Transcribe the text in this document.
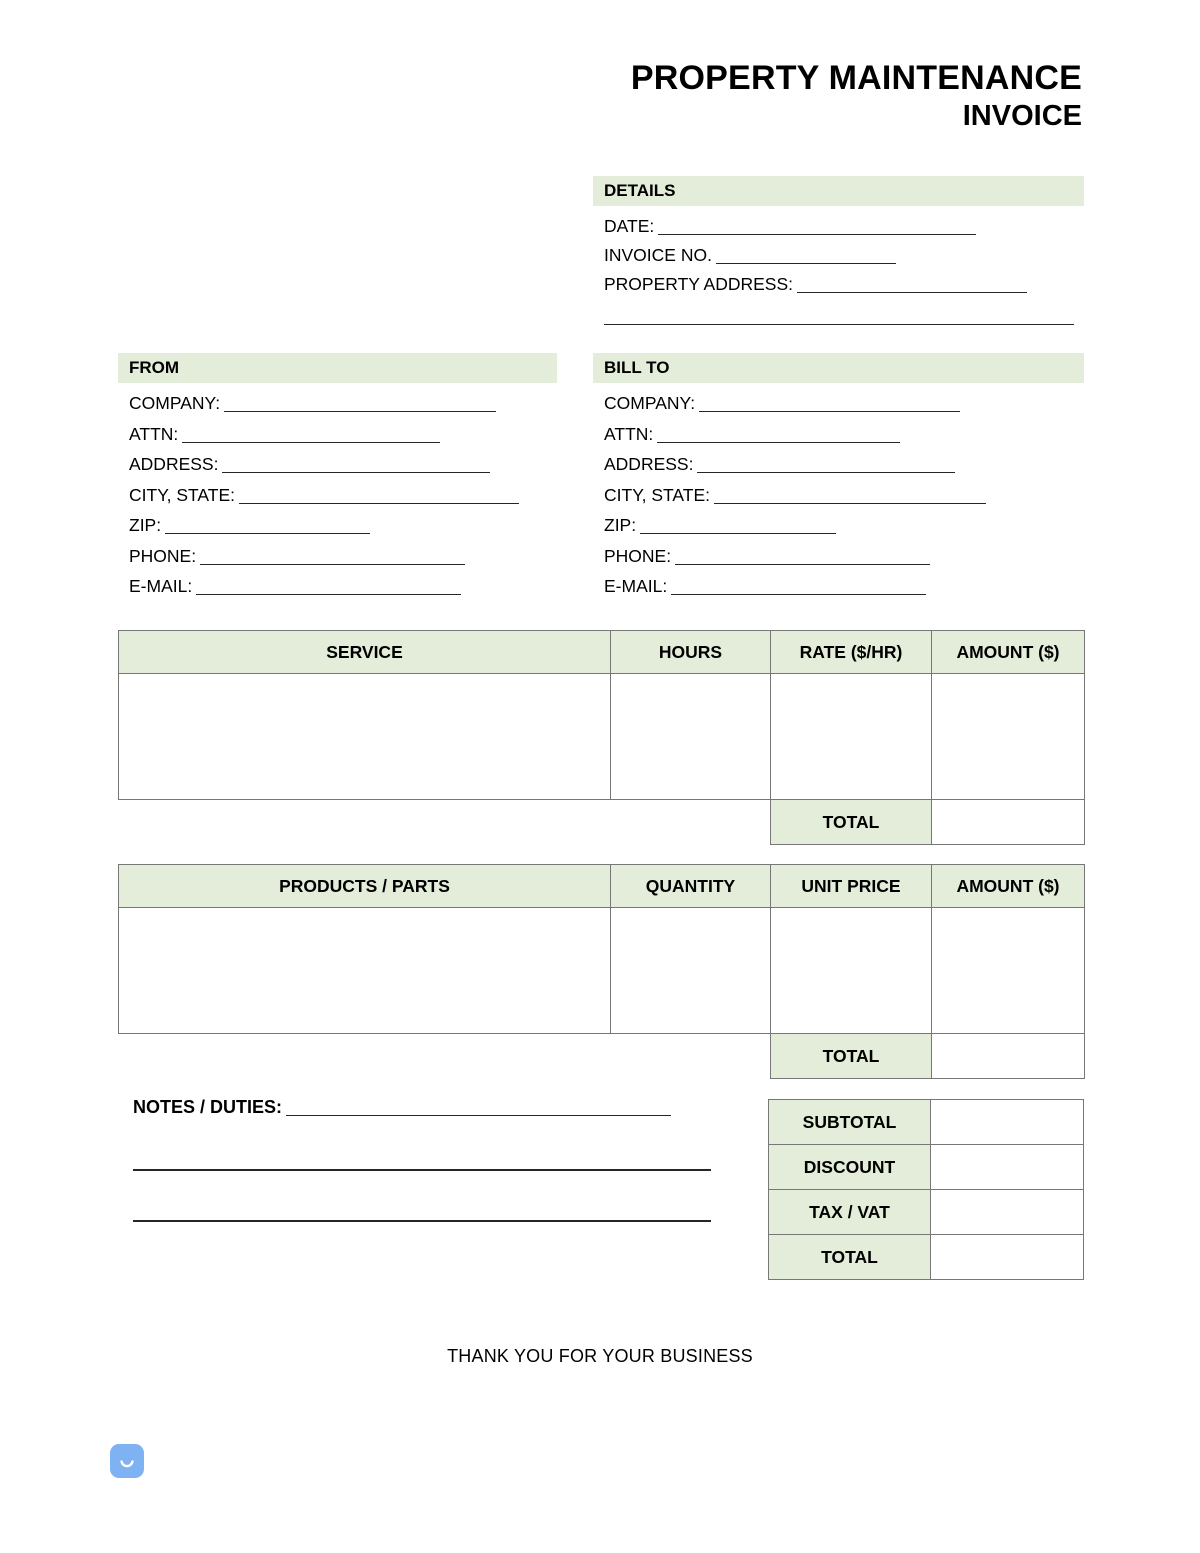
PROPERTY MAINTENANCE
INVOICE
DETAILS
DATE:
INVOICE NO.
PROPERTY ADDRESS:
FROM
COMPANY:
ATTN:
ADDRESS:
CITY, STATE:
ZIP:
PHONE:
E-MAIL:
BILL TO
COMPANY:
ATTN:
ADDRESS:
CITY, STATE:
ZIP:
PHONE:
E-MAIL:
SERVICE	HOURS	RATE ($/HR)	AMOUNT ($)

		TOTAL	
PRODUCTS / PARTS	QUANTITY	UNIT PRICE	AMOUNT ($)

		TOTAL	
NOTES / DUTIES:
SUBTOTAL	
DISCOUNT	
TAX / VAT	
TOTAL	
THANK YOU FOR YOUR BUSINESS
